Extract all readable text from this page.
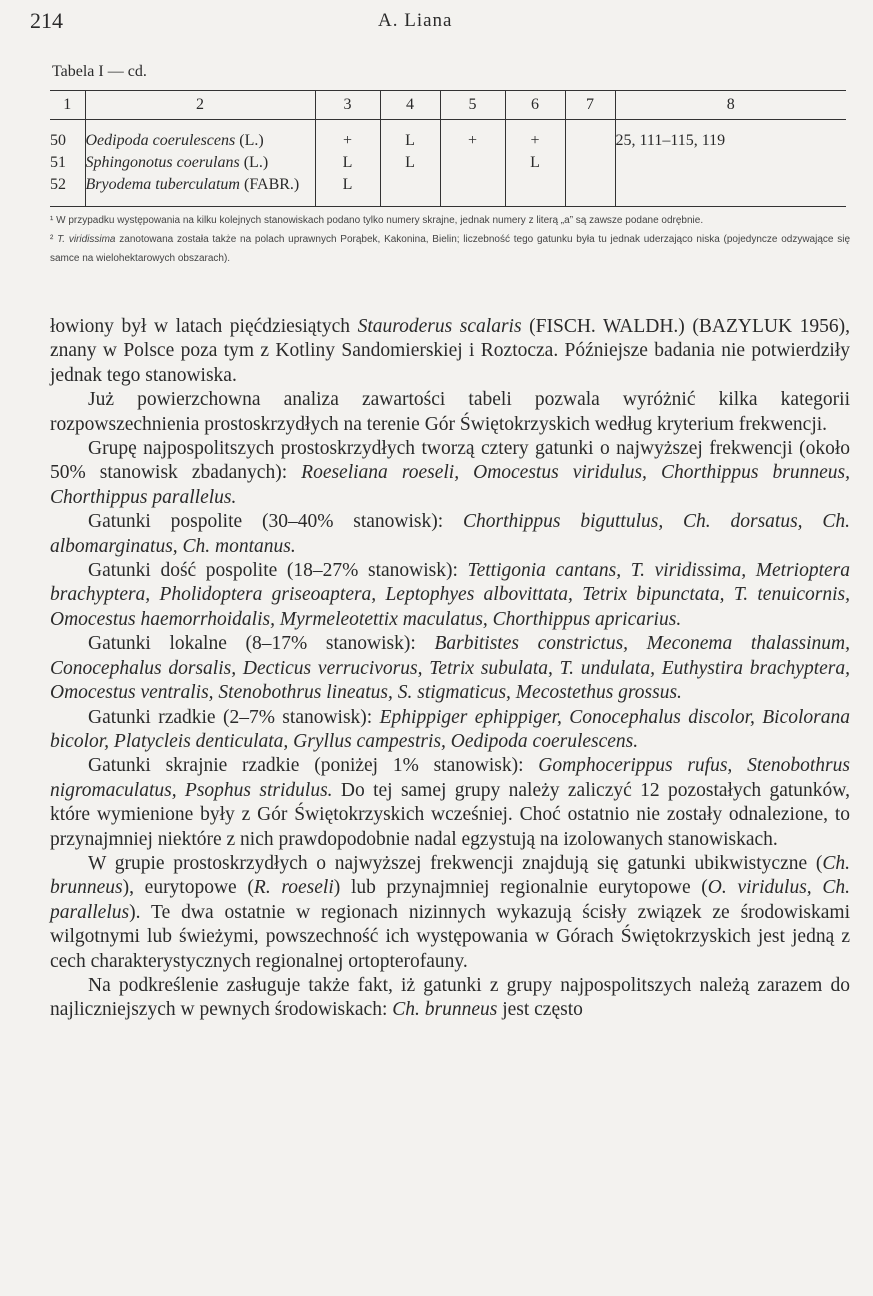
214	A. Liana
Tabela I — cd.
1	2	3	4	5	6	7	8
50	Oedipoda coerulescens (L.)	+	L	+	+		25, 111–115, 119
51	Sphingonotus coerulans (L.)	L	L		L		
52	Bryodema tuberculatum (FABR.)	L					

¹ W przypadku występowania na kilku kolejnych stanowiskach podano tylko numery skrajne, jednak numery z literą „a” są zawsze podane odrębnie.

² T. viridissima zanotowana została także na polach uprawnych Porąbek, Kakonina, Bielin; liczebność tego gatunku była tu jednak uderzająco niska (pojedyncze odzywające się samce na wielohektarowych obszarach).

łowiony był w latach pięćdziesiątych Stauroderus scalaris (FISCH. WALDH.) (BAZYLUK 1956), znany w Polsce poza tym z Kotliny Sandomierskiej i Roztocza. Późniejsze badania nie potwierdziły jednak tego stanowiska.

Już powierzchowna analiza zawartości tabeli pozwala wyróżnić kilka kategorii rozpowszechnienia prostoskrzydłych na terenie Gór Świętokrzyskich według kryterium frekwencji.

Grupę najpospolitszych prostoskrzydłych tworzą cztery gatunki o najwyższej frekwencji (około 50% stanowisk zbadanych): Roeseliana roeseli, Omocestus viridulus, Chorthippus brunneus, Chorthippus parallelus.

Gatunki pospolite (30–40% stanowisk): Chorthippus biguttulus, Ch. dorsatus, Ch. albomarginatus, Ch. montanus.

Gatunki dość pospolite (18–27% stanowisk): Tettigonia cantans, T. viridissima, Metrioptera brachyptera, Pholidoptera griseoaptera, Leptophyes albovittata, Tetrix bipunctata, T. tenuicornis, Omocestus haemorrhoidalis, Myrmeleotettix maculatus, Chorthippus apricarius.

Gatunki lokalne (8–17% stanowisk): Barbitistes constrictus, Meconema thalassinum, Conocephalus dorsalis, Decticus verrucivorus, Tetrix subulata, T. undulata, Euthystira brachyptera, Omocestus ventralis, Stenobothrus lineatus, S. stigmaticus, Mecostethus grossus.

Gatunki rzadkie (2–7% stanowisk): Ephippiger ephippiger, Conocephalus discolor, Bicolorana bicolor, Platycleis denticulata, Gryllus campestris, Oedipoda coerulescens.

Gatunki skrajnie rzadkie (poniżej 1% stanowisk): Gomphocerippus rufus, Stenobothrus nigromaculatus, Psophus stridulus. Do tej samej grupy należy zaliczyć 12 pozostałych gatunków, które wymienione były z Gór Świętokrzyskich wcześniej. Choć ostatnio nie zostały odnalezione, to przynajmniej niektóre z nich prawdopodobnie nadal egzystują na izolowanych stanowiskach.

W grupie prostoskrzydłych o najwyższej frekwencji znajdują się gatunki ubikwistyczne (Ch. brunneus), eurytopowe (R. roeseli) lub przynajmniej regionalnie eurytopowe (O. viridulus, Ch. parallelus). Te dwa ostatnie w regionach nizinnych wykazują ścisły związek ze środowiskami wilgotnymi lub świeżymi, powszechność ich występowania w Górach Świętokrzyskich jest jedną z cech charakterystycznych regionalnej ortopterofauny.

Na podkreślenie zasługuje także fakt, iż gatunki z grupy najpospolitszych należą zarazem do najliczniejszych w pewnych środowiskach: Ch. brunneus jest często
